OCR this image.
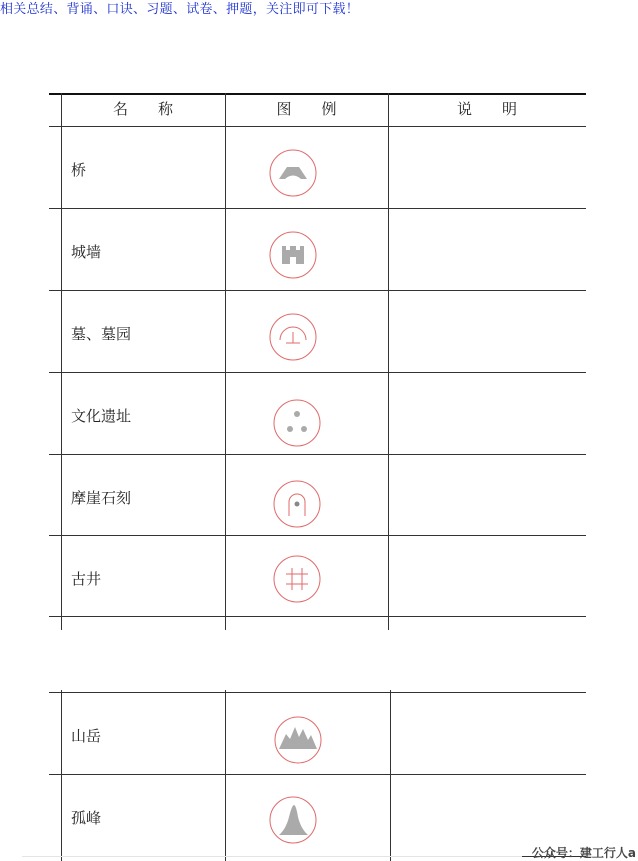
相关总结、背诵、口诀、习题、试卷、押题，关注即可下载！
名　　称	图　　例	说　　明
桥
城墙
墓、墓园
文化遗址
摩崖石刻
古井
山岳
孤峰
公众号：建工行人a
